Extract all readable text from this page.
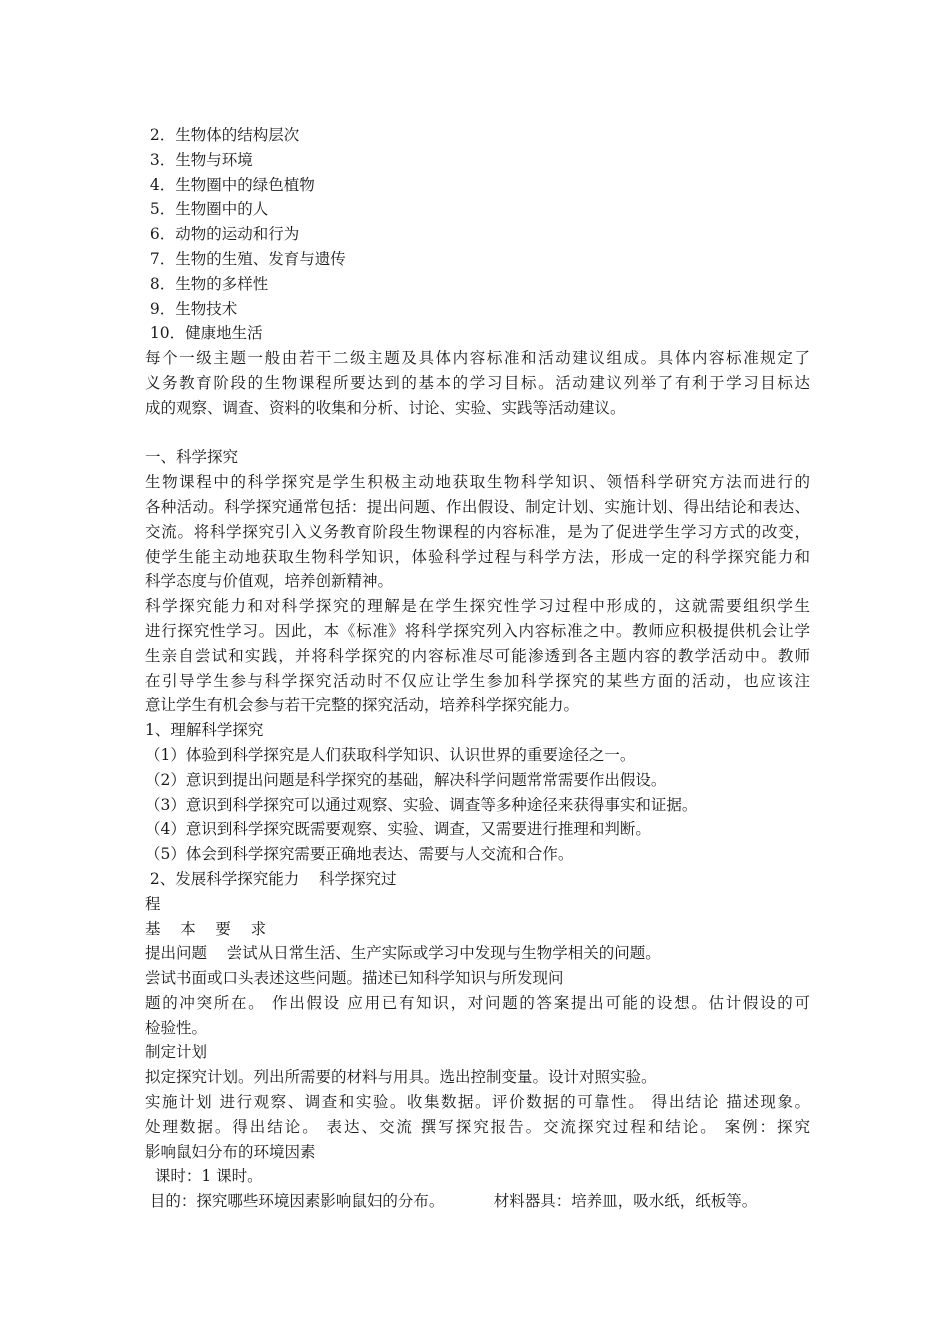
2．生物体的结构层次
3．生物与环境
4．生物圈中的绿色植物
5．生物圈中的人
6．动物的运动和行为
7．生物的生殖、发育与遗传
8．生物的多样性
9．生物技术
10．健康地生活
每个一级主题一般由若干二级主题及具体内容标准和活动建议组成。具体内容标准规定了
义务教育阶段的生物课程所要达到的基本的学习目标。活动建议列举了有利于学习目标达
成的观察、调查、资料的收集和分析、讨论、实验、实践等活动建议。
一、科学探究
生物课程中的科学探究是学生积极主动地获取生物科学知识、领悟科学研究方法而进行的
各种活动。科学探究通常包括：提出问题、作出假设、制定计划、实施计划、得出结论和表达、
交流。将科学探究引入义务教育阶段生物课程的内容标准，是为了促进学生学习方式的改变，
使学生能主动地获取生物科学知识，体验科学过程与科学方法，形成一定的科学探究能力和
科学态度与价值观，培养创新精神。
科学探究能力和对科学探究的理解是在学生探究性学习过程中形成的，这就需要组织学生
进行探究性学习。因此，本《标准》将科学探究列入内容标准之中。教师应积极提供机会让学
生亲自尝试和实践，并将科学探究的内容标准尽可能渗透到各主题内容的教学活动中。教师
在引导学生参与科学探究活动时不仅应让学生参加科学探究的某些方面的活动，也应该注
意让学生有机会参与若干完整的探究活动，培养科学探究能力。
1、理解科学探究
（1）体验到科学探究是人们获取科学知识、认识世界的重要途径之一。
（2）意识到提出问题是科学探究的基础，解决科学问题常常需要作出假设。
（3）意识到科学探究可以通过观察、实验、调查等多种途径来获得事实和证据。
（4）意识到科学探究既需要观察、实验、调查，又需要进行推理和判断。
（5）体会到科学探究需要正确地表达、需要与人交流和合作。
2、发展科学探究能力    科学探究过
程
基    本    要    求
提出问题    尝试从日常生活、生产实际或学习中发现与生物学相关的问题。
尝试书面或口头表述这些问题。描述已知科学知识与所发现问
题的冲突所在。 作出假设 应用已有知识，对问题的答案提出可能的设想。估计假设的可
检验性。
制定计划
拟定探究计划。列出所需要的材料与用具。选出控制变量。设计对照实验。
实施计划 进行观察、调查和实验。收集数据。评价数据的可靠性。 得出结论 描述现象。
处理数据。得出结论。 表达、交流 撰写探究报告。交流探究过程和结论。 案例：探究
影响鼠妇分布的环境因素
课时：1 课时。
目的：探究哪些环境因素影响鼠妇的分布。          材料器具：培养皿，吸水纸，纸板等。
